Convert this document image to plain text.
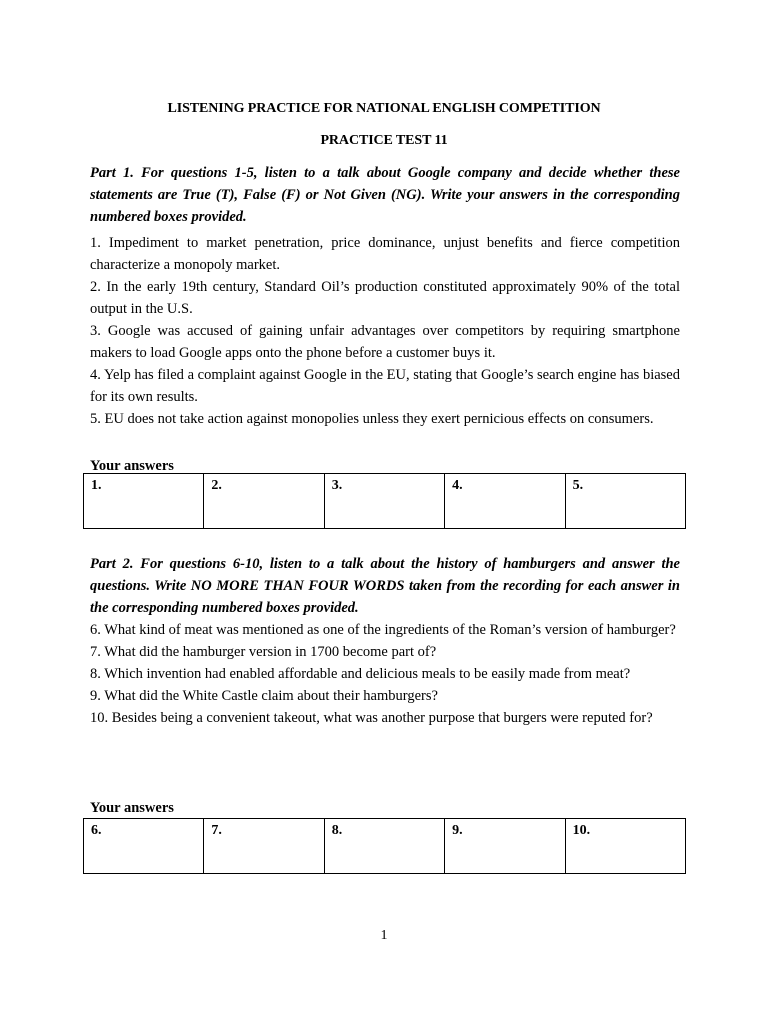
LISTENING PRACTICE FOR NATIONAL ENGLISH COMPETITION
PRACTICE TEST 11
Part 1. For questions 1-5, listen to a talk about Google company and decide whether these statements are True (T), False (F) or Not Given (NG). Write your answers in the corresponding numbered boxes provided.
1. Impediment to market penetration, price dominance, unjust benefits and fierce competition characterize a monopoly market.
2. In the early 19th century, Standard Oil’s production constituted approximately 90% of the total output in the U.S.
3. Google was accused of gaining unfair advantages over competitors by requiring smartphone makers to load Google apps onto the phone before a customer buys it.
4. Yelp has filed a complaint against Google in the EU, stating that Google’s search engine has biased for its own results.
5. EU does not take action against monopolies unless they exert pernicious effects on consumers.
Your answers
1.	2.	3.	4.	5.
Part 2. For questions 6-10, listen to a talk about the history of hamburgers and answer the questions. Write NO MORE THAN FOUR WORDS taken from the recording for each answer in the corresponding numbered boxes provided.
6. What kind of meat was mentioned as one of the ingredients of the Roman’s version of hamburger?
7. What did the hamburger version in 1700 become part of?
8. Which invention had enabled affordable and delicious meals to be easily made from meat?
9. What did the White Castle claim about their hamburgers?
10. Besides being a convenient takeout, what was another purpose that burgers were reputed for?
Your answers
6.	7.	8.	9.	10.
1
